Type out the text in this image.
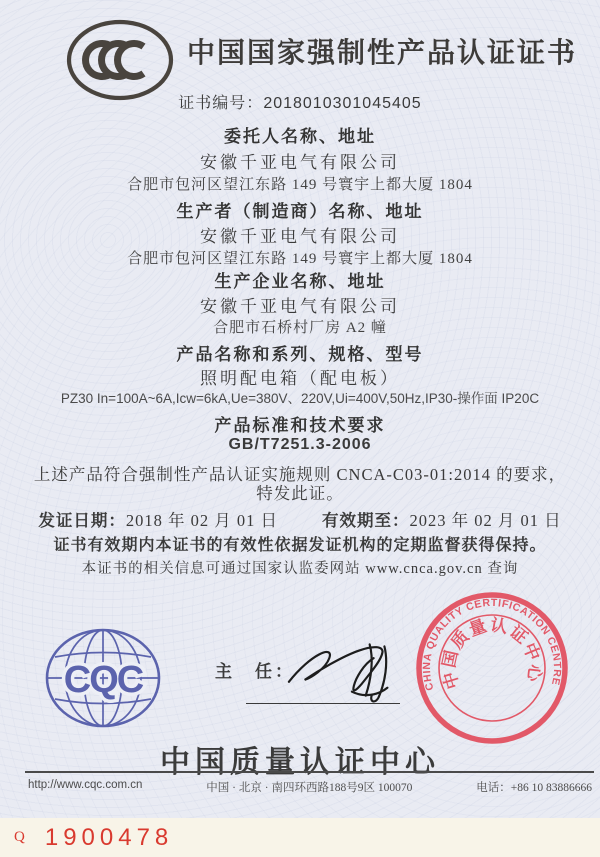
中国国家强制性产品认证证书
证书编号：2018010301045405
委托人名称、地址
安徽千亚电气有限公司
合肥市包河区望江东路 149 号寰宇上都大厦 1804
生产者（制造商）名称、地址
安徽千亚电气有限公司
合肥市包河区望江东路 149 号寰宇上都大厦 1804
生产企业名称、地址
安徽千亚电气有限公司
合肥市石桥村厂房 A2 幢
产品名称和系列、规格、型号
照明配电箱（配电板）
PZ30 In=100A~6A,Icw=6kA,Ue=380V、220V,Ui=400V,50Hz,IP30-操作面 IP20C
产品标准和技术要求
GB/T7251.3-2006
上述产品符合强制性产品认证实施规则 CNCA-C03-01:2014 的要求，
特发此证。
发证日期：2018 年 02 月 01 日	有效期至：2023 年 02 月 01 日
证书有效期内本证书的有效性依据发证机构的定期监督获得保持。
本证书的相关信息可通过国家认监委网站 www.cnca.gov.cn 查询
CQC	主　任：
CHINA QUALITY CERTIFICATION CENTRE
中国质量认证中心
中国质量认证中心
http://www.cqc.com.cn	中国 · 北京 · 南四环西路188号9区 100070	电话：+86 10 83886666
Q 1900478
